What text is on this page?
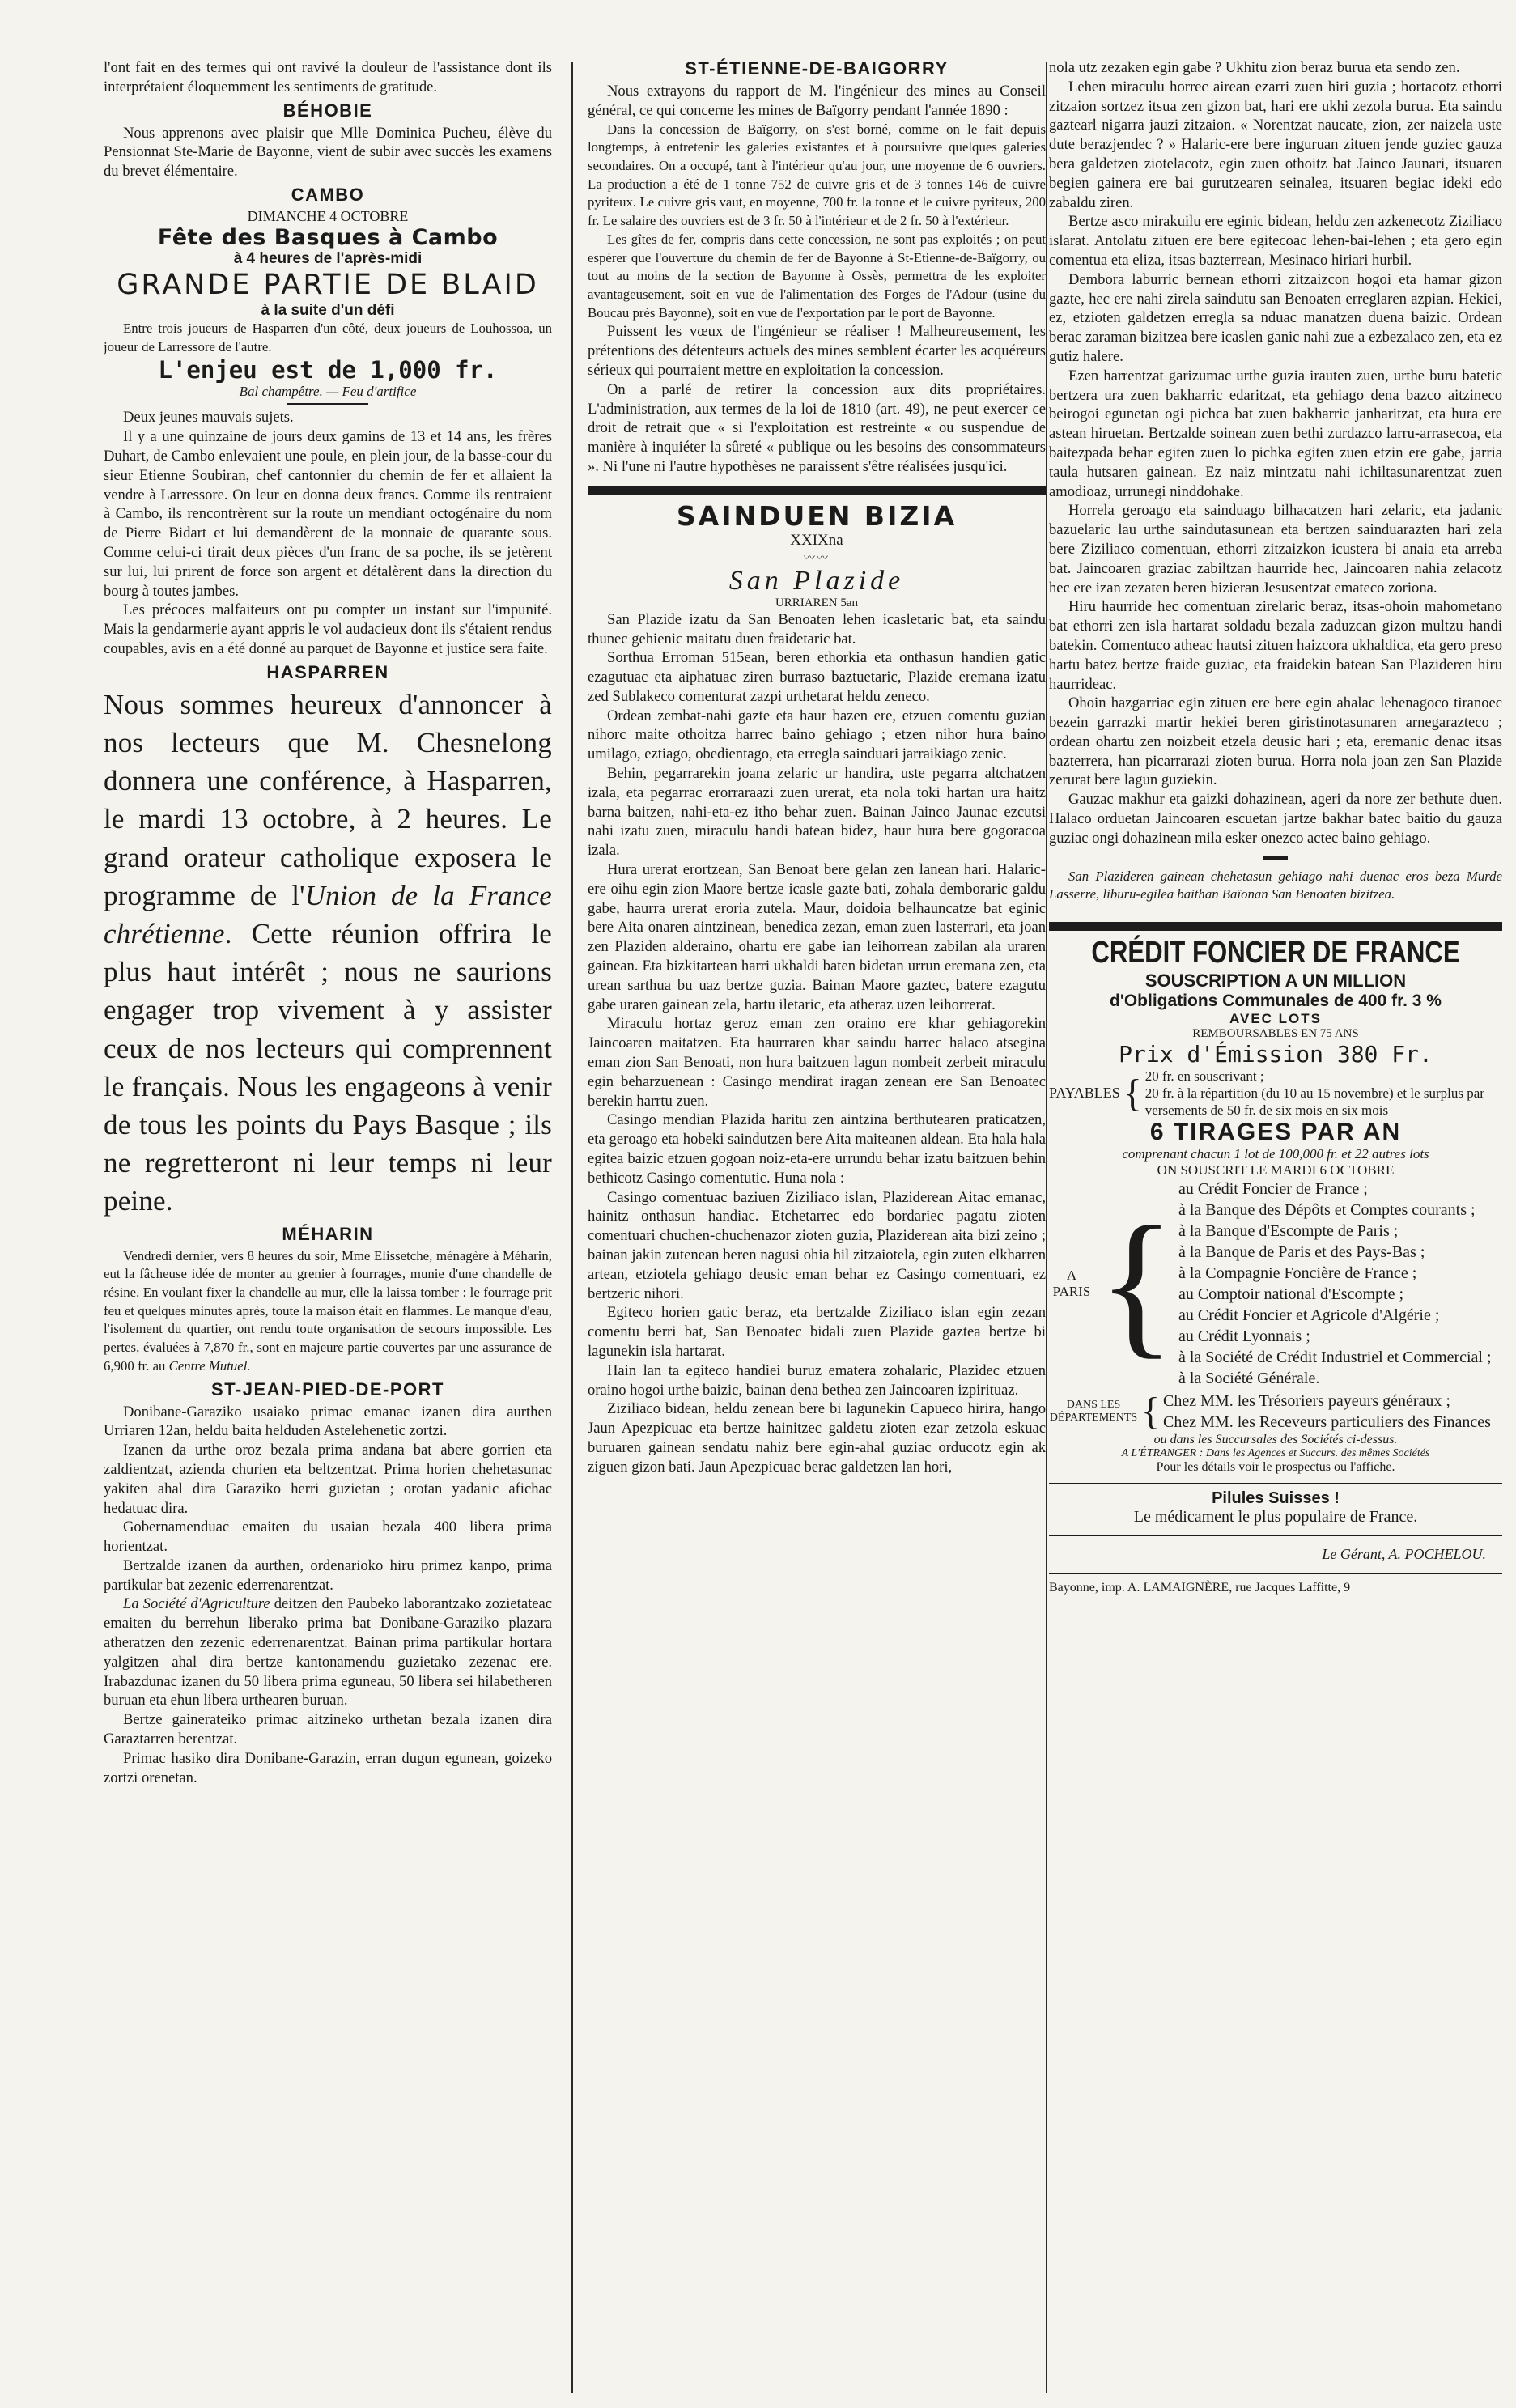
l'ont fait en des termes qui ont ravivé la douleur de l'assistance dont ils interprétaient éloquemment les sentiments de gratitude.

BÉHOBIE

Nous apprenons avec plaisir que Mlle Dominica Pucheu, élève du Pensionnat Ste-Marie de Bayonne, vient de subir avec succès les examens du brevet élémentaire.

CAMBO
DIMANCHE 4 OCTOBRE
Fête des Basques à Cambo
à 4 heures de l'après-midi
GRANDE PARTIE DE BLAID
à la suite d'un défi

Entre trois joueurs de Hasparren d'un côté, deux joueurs de Louhossoa, un joueur de Larressore de l'autre.

L'enjeu est de 1,000 fr.
Bal champêtre. — Feu d'artifice

Deux jeunes mauvais sujets.

Il y a une quinzaine de jours deux gamins de 13 et 14 ans, les frères Duhart, de Cambo enlevaient une poule, en plein jour, de la basse-cour du sieur Etienne Soubiran, chef cantonnier du chemin de fer et allaient la vendre à Larressore. On leur en donna deux francs. Comme ils rentraient à Cambo, ils rencontrèrent sur la route un mendiant octogénaire du nom de Pierre Bidart et lui demandèrent de la monnaie de quarante sous. Comme celui-ci tirait deux pièces d'un franc de sa poche, ils se jetèrent sur lui, lui prirent de force son argent et détalèrent dans la direction du bourg à toutes jambes.

Les précoces malfaiteurs ont pu compter un instant sur l'impunité. Mais la gendarmerie ayant appris le vol audacieux dont ils s'étaient rendus coupables, avis en a été donné au parquet de Bayonne et justice sera faite.

HASPARREN

Nous sommes heureux d'annoncer à nos lecteurs que M. Chesnelong donnera une conférence, à Hasparren, le mardi 13 octobre, à 2 heures. Le grand orateur catholique exposera le programme de l'Union de la France chrétienne. Cette réunion offrira le plus haut intérêt ; nous ne saurions engager trop vivement à y assister ceux de nos lecteurs qui comprennent le français. Nous les engageons à venir de tous les points du Pays Basque ; ils ne regretteront ni leur temps ni leur peine.

MÉHARIN

Vendredi dernier, vers 8 heures du soir, Mme Elissetche, ménagère à Méharin, eut la fâcheuse idée de monter au grenier à fourrages, munie d'une chandelle de résine. En voulant fixer la chandelle au mur, elle la laissa tomber : le fourrage prit feu et quelques minutes après, toute la maison était en flammes. Le manque d'eau, l'isolement du quartier, ont rendu toute organisation de secours impossible. Les pertes, évaluées à 7,870 fr., sont en majeure partie couvertes par une assurance de 6,900 fr. au Centre Mutuel.

ST-JEAN-PIED-DE-PORT

Donibane-Garaziko usaiako primac emanac izanen dira aurthen Urriaren 12an, heldu baita helduden Astelehenetic zortzi.

Izanen da urthe oroz bezala prima andana bat abere gorrien eta zaldientzat, azienda churien eta beltzentzat. Prima horien chehetasunac yakiten ahal dira Garaziko herri guzietan ; orotan yadanic afichac hedatuac dira.

Gobernamenduac emaiten du usaian bezala 400 libera prima horientzat.

Bertzalde izanen da aurthen, ordenarioko hiru primez kanpo, prima partikular bat zezenic ederrenarentzat.

La Société d'Agriculture deitzen den Paubeko laborantzako zozietateac emaiten du berrehun liberako prima bat Donibane-Garaziko plazara atheratzen den zezenic ederrenarentzat. Bainan prima partikular hortara yalgitzen ahal dira bertze kantonamendu guzietako zezenac ere. Irabazdunac izanen du 50 libera prima eguneau, 50 libera sei hilabetheren buruan eta ehun libera urthearen buruan.

Bertze gainerateiko primac aitzineko urthetan bezala izanen dira Garaztarren berentzat.

Primac hasiko dira Donibane-Garazin, erran dugun egunean, goizeko zortzi orenetan.

ST-ÉTIENNE-DE-BAIGORRY

Nous extrayons du rapport de M. l'ingénieur des mines au Conseil général, ce qui concerne les mines de Baïgorry pendant l'année 1890 :

Dans la concession de Baïgorry, on s'est borné, comme on le fait depuis longtemps, à entretenir les galeries existantes et à poursuivre quelques galeries secondaires. On a occupé, tant à l'intérieur qu'au jour, une moyenne de 6 ouvriers. La production a été de 1 tonne 752 de cuivre gris et de 3 tonnes 146 de cuivre pyriteux. Le cuivre gris vaut, en moyenne, 700 fr. la tonne et le cuivre pyriteux, 200 fr. Le salaire des ouvriers est de 3 fr. 50 à l'intérieur et de 2 fr. 50 à l'extérieur.

Les gîtes de fer, compris dans cette concession, ne sont pas exploités ; on peut espérer que l'ouverture du chemin de fer de Bayonne à St-Etienne-de-Baïgorry, ou tout au moins de la section de Bayonne à Ossès, permettra de les exploiter avantageusement, soit en vue de l'alimentation des Forges de l'Adour (usine du Boucau près Bayonne), soit en vue de l'exportation par le port de Bayonne.

Puissent les vœux de l'ingénieur se réaliser ! Malheureusement, les prétentions des détenteurs actuels des mines semblent écarter les acquéreurs sérieux qui pourraient mettre en exploitation la concession.

On a parlé de retirer la concession aux dits propriétaires. L'administration, aux termes de la loi de 1810 (art. 49), ne peut exercer ce droit de retrait que « si l'exploitation est restreinte « ou suspendue de manière à inquiéter la sûreté « publique ou les besoins des consommateurs ». Ni l'une ni l'autre hypothèses ne paraissent s'être réalisées jusqu'ici.

SAINDUEN BIZIA
XXIXna
〰〰
San Plazide
URRIAREN 5an

San Plazide izatu da San Benoaten lehen icasletaric bat, eta saindu thunec gehienic maitatu duen fraidetaric bat.

Sorthua Erroman 515ean, beren ethorkia eta onthasun handien gatic ezagutuac eta aiphatuac ziren burraso baztuetaric, Plazide eremana izatu zed Sublakeco comenturat zazpi urthetarat heldu zeneco.

Ordean zembat-nahi gazte eta haur bazen ere, etzuen comentu guzian nihorc maite othoitza harrec baino gehiago ; etzen nihor hura baino umilago, eztiago, obedientago, eta erregla sainduari jarraikiago zenic.

Behin, pegarrarekin joana zelaric ur handira, uste pegarra altchatzen izala, eta pegarrac erorraraazi zuen urerat, eta nola toki hartan ura haitz barna baitzen, nahi-eta-ez itho behar zuen. Bainan Jainco Jaunac ezcutsi nahi izatu zuen, miraculu handi batean bidez, haur hura bere gogoracoa izala.

Hura urerat erortzean, San Benoat bere gelan zen lanean hari. Halaric-ere oihu egin zion Maore bertze icasle gazte bati, zohala demboraric galdu gabe, haurra urerat eroria zutela. Maur, doidoia belhauncatze bat eginic bere Aita onaren aintzinean, benedica zezan, eman zuen lasterrari, eta joan zen Plaziden alderaino, ohartu ere gabe ian leihorrean zabilan ala uraren gainean. Eta bizkitartean harri ukhaldi baten bidetan urrun eremana zen, eta urean sarthua bu uaz bertze guzia. Bainan Maore gaztec, batere ezagutu gabe uraren gainean zela, hartu iletaric, eta atheraz uzen leihorrerat.

Miraculu hortaz geroz eman zen oraino ere khar gehiagorekin Jaincoaren maitatzen. Eta haurraren khar saindu harrec halaco atsegina eman zion San Benoati, non hura baitzuen lagun nombeit zerbeit miraculu egin beharzuenean : Casingo mendirat iragan zenean ere San Benoatec berekin harrtu zuen.

Casingo mendian Plazida haritu zen aintzina berthutearen praticatzen, eta geroago eta hobeki saindutzen bere Aita maiteanen aldean. Eta hala hala egitea baizic etzuen gogoan noiz-eta-ere urrundu behar izatu baitzuen behin bethicotz Casingo comentutic. Huna nola :

Casingo comentuac baziuen Ziziliaco islan, Plaziderean Aitac emanac, hainitz onthasun handiac. Etchetarrec edo bordariec pagatu zioten comentuari chuchen-chuchenazor zioten guzia, Plaziderean aita bizi zeino ; bainan jakin zutenean beren nagusi ohia hil zitzaiotela, egin zuten elkharren artean, etziotela gehiago deusic eman behar ez Casingo comentuari, ez bertzeric nihori.

Egiteco horien gatic beraz, eta bertzalde Ziziliaco islan egin zezan comentu berri bat, San Benoatec bidali zuen Plazide gaztea bertze bi lagunekin isla hartarat.

Hain lan ta egiteco handiei buruz ematera zohalaric, Plazidec etzuen oraino hogoi urthe baizic, bainan dena bethea zen Jaincoaren izpirituaz.

Ziziliaco bidean, heldu zenean bere bi lagunekin Capueco hirira, hango Jaun Apezpicuac eta bertze hainitzec galdetu zioten ezar zetzola eskuac buruaren gainean sendatu nahiz bere egin-ahal guziac orducotz egin ak ziguen gizon bati. Jaun Apezpicuac berac galdetzen lan hori,

nola utz zezaken egin gabe ? Ukhitu zion beraz burua eta sendo zen.

Lehen miraculu horrec airean ezarri zuen hiri guzia ; hortacotz ethorri zitzaion sortzez itsua zen gizon bat, hari ere ukhi zezola burua. Eta saindu gaztearl nigarra jauzi zitzaion. « Norentzat naucate, zion, zer naizela uste dute berazjendec ? » Halaric-ere bere inguruan zituen jende guziec gauza bera galdetzen ziotelacotz, egin zuen othoitz bat Jainco Jaunari, itsuaren begien gainera ere bai gurutzearen seinalea, itsuaren begiac ideki edo zabaldu ziren.

Bertze asco mirakuilu ere eginic bidean, heldu zen azkenecotz Ziziliaco islarat. Antolatu zituen ere bere egitecoac lehen-bai-lehen ; eta gero egin comentua eta eliza, itsas bazterrean, Mesinaco hiriari hurbil.

Dembora laburric bernean ethorri zitzaizcon hogoi eta hamar gizon gazte, hec ere nahi zirela saindutu san Benoaten erreglaren azpian. Hekiei, ez, etzioten galdetzen erregla sa nduac manatzen duena baizic. Ordean berac zaraman bizitzea bere icaslen ganic nahi zue a ezbezalaco zen, eta ez gutiz halere.

Ezen harrentzat garizumac urthe guzia irauten zuen, urthe buru batetic bertzera ura zuen bakharric edaritzat, eta gehiago dena bazco aitzineco beirogoi egunetan ogi pichca bat zuen bakharric janharitzat, eta hura ere astean hiruetan. Bertzalde soinean zuen bethi zurdazco larru-arrasecoa, eta baitezpada behar egiten zuen lo pichka egiten zuen etzin ere gabe, jarria taula hutsaren gainean. Ez naiz mintzatu nahi ichiltasunarentzat zuen amodioaz, urrunegi ninddohake.

Horrela geroago eta sainduago bilhacatzen hari zelaric, eta jadanic bazuelaric lau urthe saindutasunean eta bertzen sainduarazten hari zela bere Ziziliaco comentuan, ethorri zitzaizkon icustera bi anaia eta arreba bat. Jaincoaren graziac zabiltzan haurride hec, Jaincoaren nahia zelacotz hec ere izan zezaten beren bizieran Jesusentzat emateco zoriona.

Hiru haurride hec comentuan zirelaric beraz, itsas-ohoin mahometano bat ethorri zen isla hartarat soldadu bezala zaduzcan gizon multzu handi batekin. Comentuco atheac hautsi zituen haizcora ukhaldica, eta gero preso hartu batez bertze fraide guziac, eta fraidekin batean San Plazideren hiru haurrideac.

Ohoin hazgarriac egin zituen ere bere egin ahalac lehenagoco tiranoec bezein garrazki martir hekiei beren giristinotasunaren arnegaraztecо ; ordean ohartu zen noizbeit etzela deusic hari ; eta, eremanic denac itsas bazterrera, han picarrarazi zioten burua. Horra nola joan zen San Plazide zerurat bere lagun guziekin.

Gauzac makhur eta gaizki dohazinean, ageri da nore zer bethute duen. Halaco orduetan Jaincoaren escuetan jartze bakhar batec baitio du gauza guziac ongi dohazinean mila esker onezco actec baino gehiago.

San Plazideren gainean chehetasun gehiago nahi duenac eros beza Murde Lasserre, liburu-egilea baithan Baïonan San Benoaten bizitzea.

CRÉDIT FONCIER DE FRANCE
SOUSCRIPTION A UN MILLION
d'Obligations Communales de 400 fr. 3 %
AVEC LOTS
REMBOURSABLES EN 75 ANS
Prix d'Émission 380 Fr.
PAYABLES { 20 fr. en souscrivant ;
20 fr. à la répartition (du 10 au 15 novembre) et le surplus par versements de 50 fr. de six mois en six mois
6 TIRAGES PAR AN
comprenant chacun 1 lot de 100,000 fr. et 22 autres lots
ON SOUSCRIT LE MARDI 6 OCTOBRE
A PARIS {
au Crédit Foncier de France ;
à la Banque des Dépôts et Comptes courants ;
à la Banque d'Escompte de Paris ;
à la Banque de Paris et des Pays-Bas ;
à la Compagnie Foncière de France ;
au Comptoir national d'Escompte ;
au Crédit Foncier et Agricole d'Algérie ;
au Crédit Lyonnais ;
à la Société de Crédit Industriel et Commercial ;
à la Société Générale.
DANS LES DÉPARTEMENTS { Chez MM. les Trésoriers payeurs généraux ;
Chez MM. les Receveurs particuliers des Finances
ou dans les Succursales des Sociétés ci-dessus.
A L'ÉTRANGER : Dans les Agences et Succurs. des mêmes Sociétés
Pour les détails voir le prospectus ou l'affiche.
Pilules Suisses !
Le médicament le plus populaire de France.
Le Gérant, A. POCHELOU.
Bayonne, imp. A. LAMAIGNÈRE, rue Jacques Laffitte, 9
